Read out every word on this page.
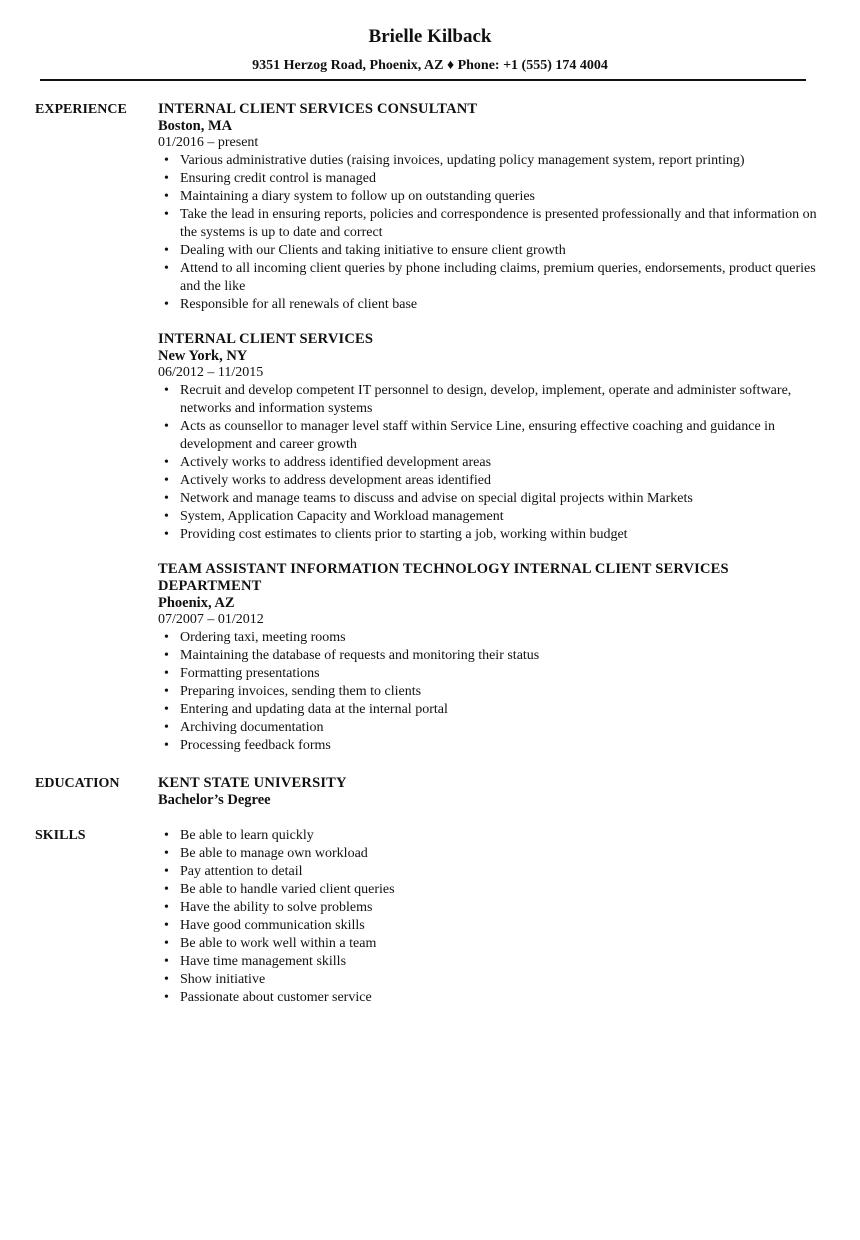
Brielle Kilback
9351 Herzog Road, Phoenix, AZ ♦ Phone: +1 (555) 174 4004
EXPERIENCE	INTERNAL CLIENT SERVICES CONSULTANT
Boston, MA
01/2016 – present
• Various administrative duties (raising invoices, updating policy management system, report printing)
• Ensuring credit control is managed
• Maintaining a diary system to follow up on outstanding queries
• Take the lead in ensuring reports, policies and correspondence is presented professionally and that information on the systems is up to date and correct
• Dealing with our Clients and taking initiative to ensure client growth
• Attend to all incoming client queries by phone including claims, premium queries, endorsements, product queries and the like
• Responsible for all renewals of client base
INTERNAL CLIENT SERVICES
New York, NY
06/2012 – 11/2015
• Recruit and develop competent IT personnel to design, develop, implement, operate and administer software, networks and information systems
• Acts as counsellor to manager level staff within Service Line, ensuring effective coaching and guidance in development and career growth
• Actively works to address identified development areas
• Actively works to address development areas identified
• Network and manage teams to discuss and advise on special digital projects within Markets
• System, Application Capacity and Workload management
• Providing cost estimates to clients prior to starting a job, working within budget
TEAM ASSISTANT INFORMATION TECHNOLOGY INTERNAL CLIENT SERVICES DEPARTMENT
Phoenix, AZ
07/2007 – 01/2012
• Ordering taxi, meeting rooms
• Maintaining the database of requests and monitoring their status
• Formatting presentations
• Preparing invoices, sending them to clients
• Entering and updating data at the internal portal
• Archiving documentation
• Processing feedback forms
EDUCATION	KENT STATE UNIVERSITY
Bachelor’s Degree
SKILLS
•	Be able to learn quickly
• Be able to manage own workload
• Pay attention to detail
• Be able to handle varied client queries
• Have the ability to solve problems
• Have good communication skills
• Be able to work well within a team
• Have time management skills
• Show initiative
• Passionate about customer service
